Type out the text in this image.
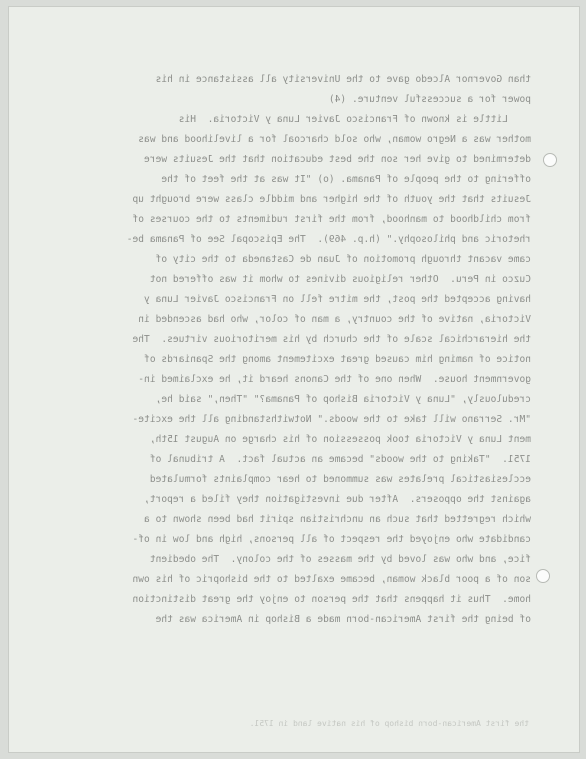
than Governor Alcedo gave to the University all assistance in his
power for a successful venture. (4)
Little is known of Francisco Javier Luna y Victoria.  His
mother was a Negro woman, who sold charcoal for a livelihood and was
determined to give her son the best education that the Jesuits were
offering to the people of Panama. (o) "It was at the feet of the
Jesuits that the youth of the higher and middle class were brought up
from childhood to manhood, from the first rudiments to the courses of
rhetoric and philosophy." (h.p. 469).  The Episcopal See of Panama be-
came vacant through promotion of Juan de Castaneda to the city of
Cuzco in Peru.  Other religious divines to whom it was offered not
having accepted the post, the mitre fell on Francisco Javier Luna y
Victoria, native of the country, a man of color, who had ascended in
the hierarchical scale of the church by his meritorious virtues.  The
notice of naming him caused great excitement among the Spaniards of
government house.  When one of the Canons heard it, he exclaimed in-
credulously, "Luna y Victoria Bishop of Panama?" "Then," said he,
"Mr. Serrano will take to the woods." Notwithstanding all the excite-
ment Luna y Victoria took possession of his charge on August 15th,
1751.  "Taking to the woods" became an actual fact.  A tribunal of
ecclesiastical prelates was summoned to hear complaints formulated
against the opposers.  After due investigation they filed a report,
which regretted that such an unchristian spirit had been shown to a
candidate who enjoyed the respect of all persons, high and low in of-
fice, and who was loved by the masses of the colony.  The obedient
son of a poor black woman, became exalted to the bishopric of his own
home.  Thus it happens that the person to enjoy the great distinction
of being the first American-born made a Bishop in America was the
the first American-born bishop of his native land in 1751.
